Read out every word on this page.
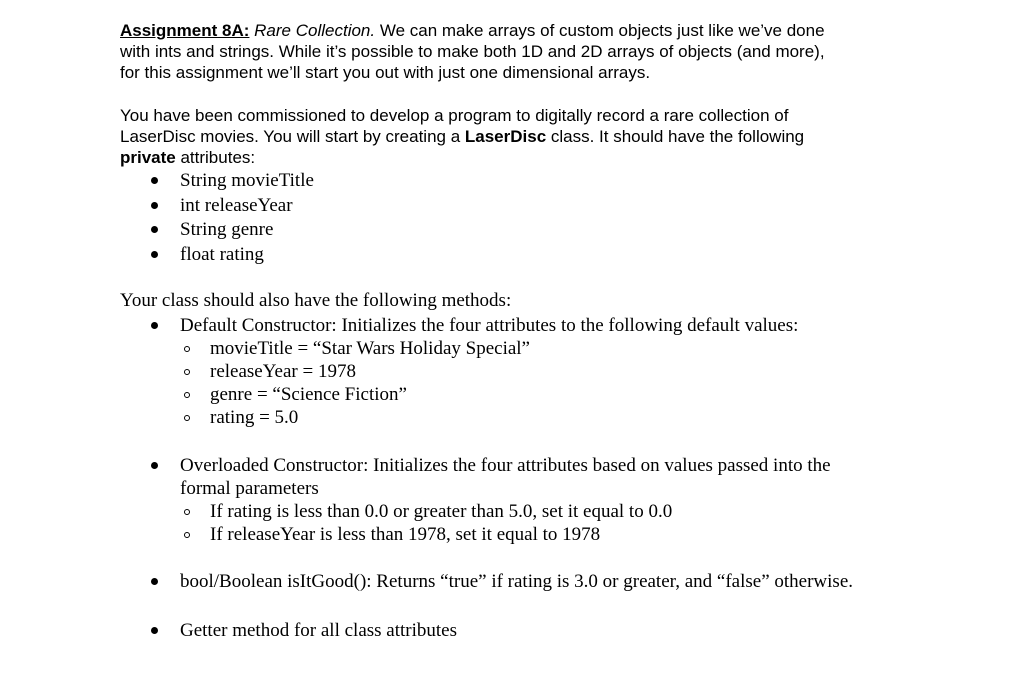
Assignment 8A: Rare Collection. We can make arrays of custom objects just like we’ve done
with ints and strings. While it’s possible to make both 1D and 2D arrays of objects (and more),
for this assignment we’ll start you out with just one dimensional arrays.
You have been commissioned to develop a program to digitally record a rare collection of
LaserDisc movies. You will start by creating a LaserDisc class. It should have the following
private attributes:
String movieTitle
int releaseYear
String genre
float rating
Your class should also have the following methods:
Default Constructor: Initializes the four attributes to the following default values:
movieTitle = “Star Wars Holiday Special”
releaseYear = 1978
genre = “Science Fiction”
rating = 5.0
Overloaded Constructor: Initializes the four attributes based on values passed into the
formal parameters
If rating is less than 0.0 or greater than 5.0, set it equal to 0.0
If releaseYear is less than 1978, set it equal to 1978
bool/Boolean isItGood(): Returns “true” if rating is 3.0 or greater, and “false” otherwise.
Getter method for all class attributes
